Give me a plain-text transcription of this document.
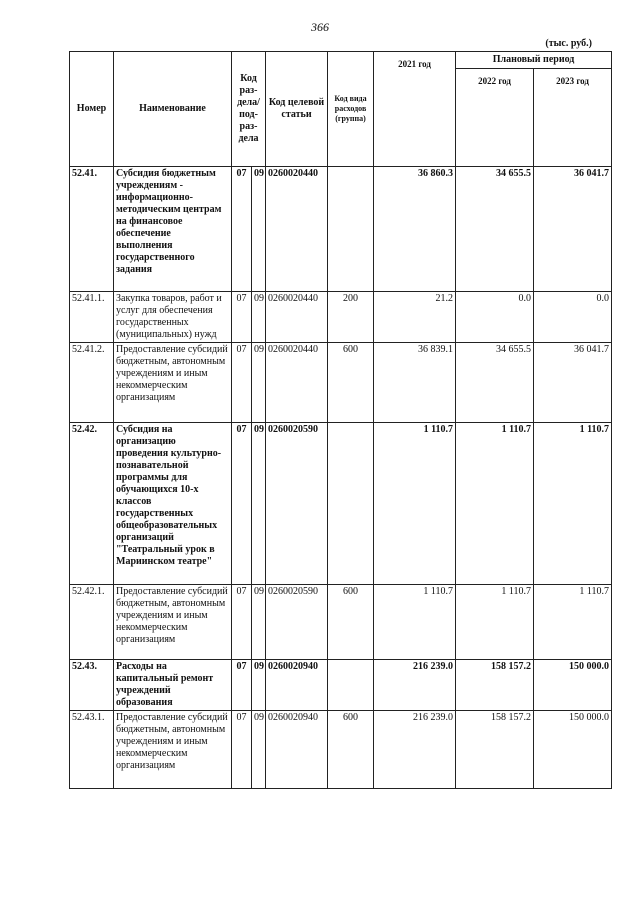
366
(тыс. руб.)
Номер	Наименование	Код раз-дела/ под-раз-дела		Код целевой статьи	Код вида расходов (группа)	2021 год	Плановый период	
							2022 год	2023 год
52.41.	Субсидия бюджетным учреждениям - информационно-методическим центрам на финансовое обеспечение выполнения государственного задания	07	09	0260020440		36 860.3	34 655.5	36 041.7
52.41.1.	Закупка товаров, работ и услуг для обеспечения государственных (муниципальных) нужд	07	09	0260020440	200	21.2	0.0	0.0
52.41.2.	Предоставление субсидий бюджетным, автономным учреждениям и иным некоммерческим организациям	07	09	0260020440	600	36 839.1	34 655.5	36 041.7
52.42.	Субсидия на организацию проведения культурно-познавательной программы для обучающихся 10-х классов государственных общеобразовательных организаций "Театральный урок в Мариинском театре"	07	09	0260020590		1 110.7	1 110.7	1 110.7
52.42.1.	Предоставление субсидий бюджетным, автономным учреждениям и иным некоммерческим организациям	07	09	0260020590	600	1 110.7	1 110.7	1 110.7
52.43.	Расходы на капитальный ремонт учреждений образования	07	09	0260020940		216 239.0	158 157.2	150 000.0
52.43.1.	Предоставление субсидий бюджетным, автономным учреждениям и иным некоммерческим организациям	07	09	0260020940	600	216 239.0	158 157.2	150 000.0
